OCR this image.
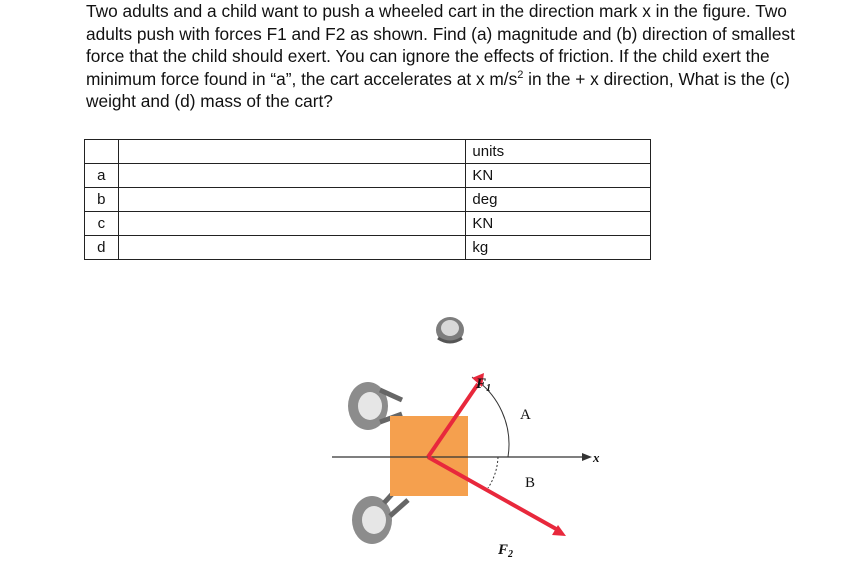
Two adults and a child want to push a wheeled cart in the direction mark x in the figure. Two adults push with forces F1 and F2 as shown. Find (a) magnitude and (b) direction of smallest force that the child should exert. You can ignore the effects of friction. If the child exert the minimum force found in “a”, the cart accelerates at x $m/s^2$ in the + x direction, What is the (c) weight and (d) mass of the cart?

		units
a		KN
b		deg
c		KN
d		kg
x
$F_1$
$F_2$
A
B
